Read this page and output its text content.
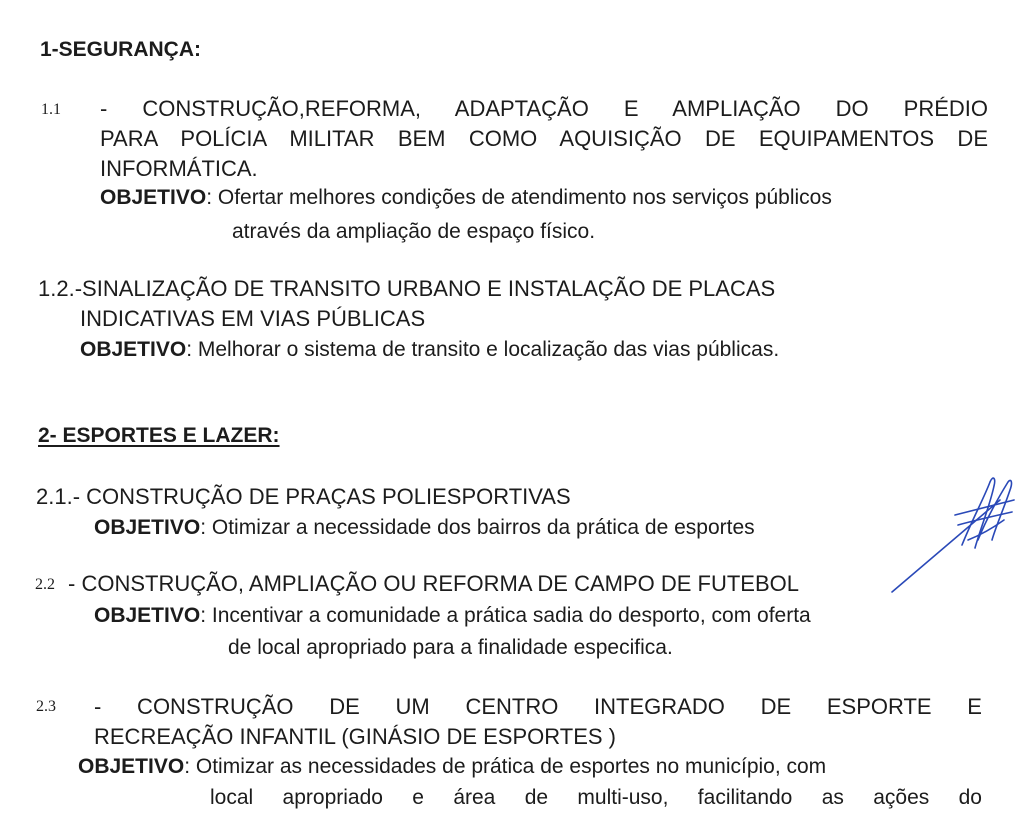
1-SEGURANÇA:
1.1 - CONSTRUÇÃO,REFORMA, ADAPTAÇÃO E AMPLIAÇÃO DO PRÉDIO
PARA POLÍCIA MILITAR BEM COMO AQUISIÇÃO DE EQUIPAMENTOS DE
INFORMÁTICA.
OBJETIVO: Ofertar melhores condições de atendimento nos serviços públicos
através da ampliação de espaço físico.
1.2.-SINALIZAÇÃO DE TRANSITO URBANO E INSTALAÇÃO DE PLACAS
INDICATIVAS EM VIAS PÚBLICAS
OBJETIVO: Melhorar o sistema de transito e localização das vias públicas.
2- ESPORTES E LAZER:
2.1.- CONSTRUÇÃO DE PRAÇAS POLIESPORTIVAS
OBJETIVO: Otimizar a necessidade dos bairros da prática de esportes
2.2 - CONSTRUÇÃO, AMPLIAÇÃO OU REFORMA DE CAMPO DE FUTEBOL
OBJETIVO: Incentivar a comunidade a prática sadia do desporto, com oferta
de local apropriado para a finalidade especifica.
2.3 - CONSTRUÇÃO DE UM CENTRO INTEGRADO DE ESPORTE E
RECREAÇÃO INFANTIL (GINÁSIO DE ESPORTES )
OBJETIVO: Otimizar as necessidades de prática de esportes no município, com
local apropriado e área de multi-uso, facilitando as ações do
